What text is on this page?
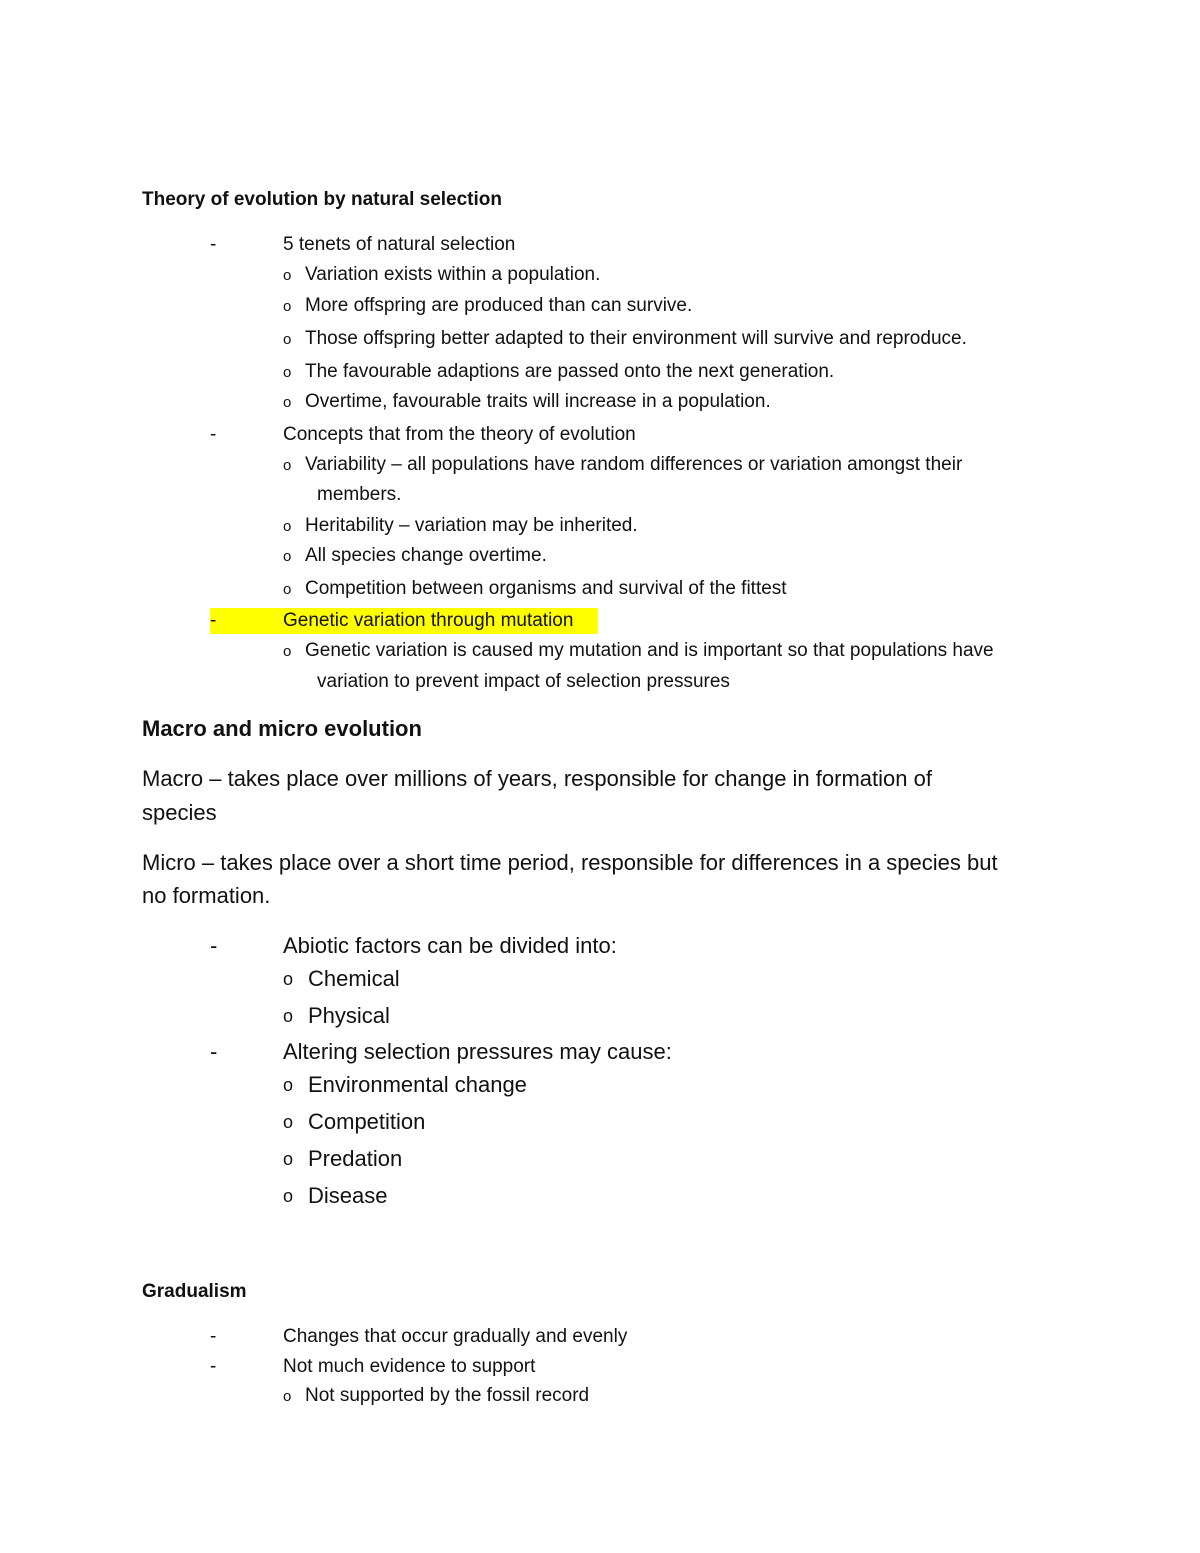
Theory of evolution by natural selection
-	5 tenets of natural selection
o Variation exists within a population.
o More offspring are produced than can survive.
o Those offspring better adapted to their environment will survive and reproduce.
o The favourable adaptions are passed onto the next generation.
o Overtime, favourable traits will increase in a population.
-	Concepts that from the theory of evolution
o Variability – all populations have random differences or variation amongst their
members.
o Heritability – variation may be inherited.
o All species change overtime.
o Competition between organisms and survival of the fittest
-	Genetic variation through mutation
o Genetic variation is caused my mutation and is important so that populations have
variation to prevent impact of selection pressures
Macro and micro evolution
Macro – takes place over millions of years, responsible for change in formation of
species
Micro – takes place over a short time period, responsible for differences in a species but
no formation.
-	Abiotic factors can be divided into:
o Chemical
o Physical
-	Altering selection pressures may cause:
o Environmental change
o Competition
o Predation
o Disease
Gradualism
-	Changes that occur gradually and evenly
-	Not much evidence to support
o Not supported by the fossil record
